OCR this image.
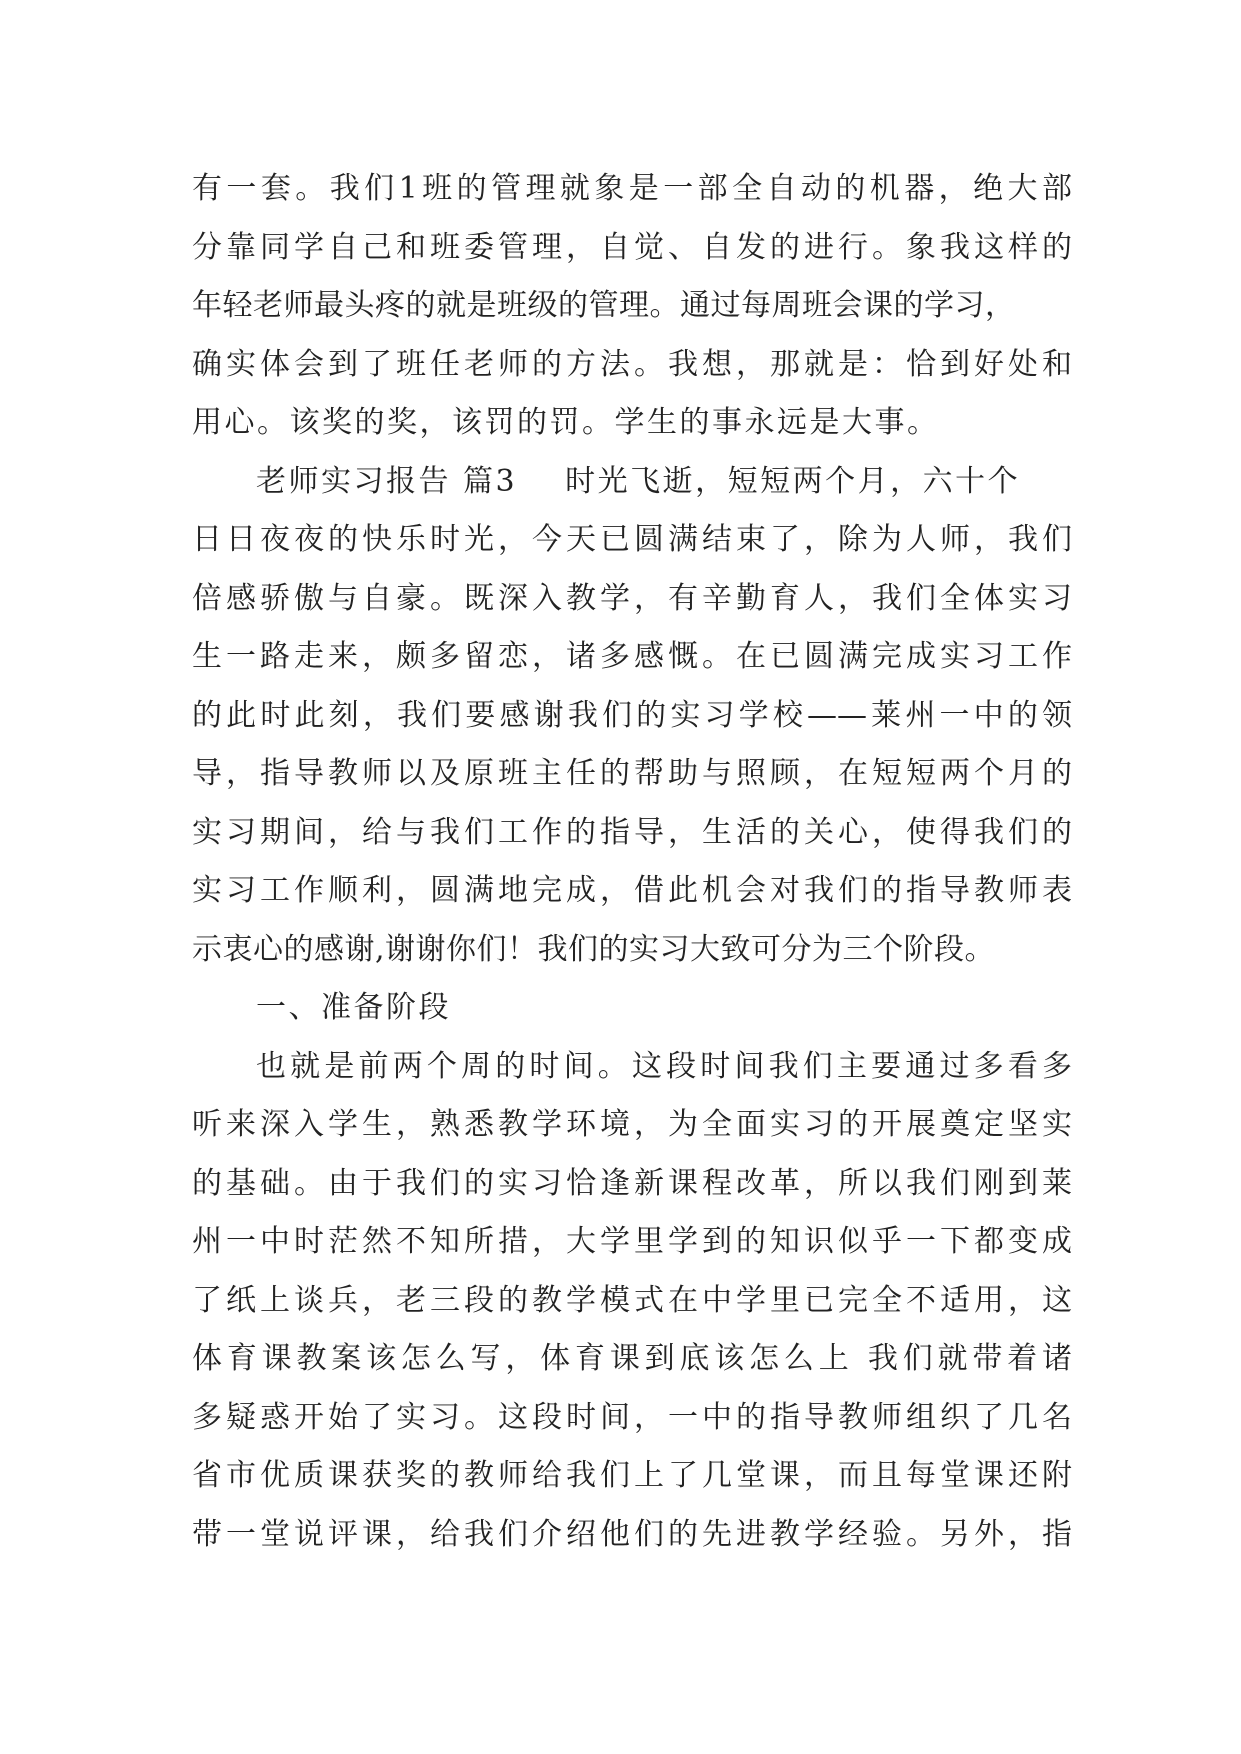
有一套。我们1班的管理就象是一部全自动的机器，绝大部
分靠同学自己和班委管理，自觉、自发的进行。象我这样的
年轻老师最头疼的就是班级的管理。通过每周班会课的学习，
确实体会到了班任老师的方法。我想，那就是：恰到好处和
用心。该奖的奖，该罚的罚。学生的事永远是大事。
老师实习报告 篇3 时光飞逝，短短两个月，六十个
日日夜夜的快乐时光，今天已圆满结束了，除为人师，我们
倍感骄傲与自豪。既深入教学，有辛勤育人，我们全体实习
生一路走来，颇多留恋，诸多感慨。在已圆满完成实习工作
的此时此刻，我们要感谢我们的实习学校——莱州一中的领
导，指导教师以及原班主任的帮助与照顾，在短短两个月的
实习期间，给与我们工作的指导，生活的关心，使得我们的
实习工作顺利，圆满地完成，借此机会对我们的指导教师表
示衷心的感谢,谢谢你们！我们的实习大致可分为三个阶段。
一、准备阶段
也就是前两个周的时间。这段时间我们主要通过多看多
听来深入学生，熟悉教学环境，为全面实习的开展奠定坚实
的基础。由于我们的实习恰逢新课程改革，所以我们刚到莱
州一中时茫然不知所措，大学里学到的知识似乎一下都变成
了纸上谈兵，老三段的教学模式在中学里已完全不适用，这
体育课教案该怎么写，体育课到底该怎么上 我们就带着诸
多疑惑开始了实习。这段时间，一中的指导教师组织了几名
省市优质课获奖的教师给我们上了几堂课，而且每堂课还附
带一堂说评课，给我们介绍他们的先进教学经验。另外，指
